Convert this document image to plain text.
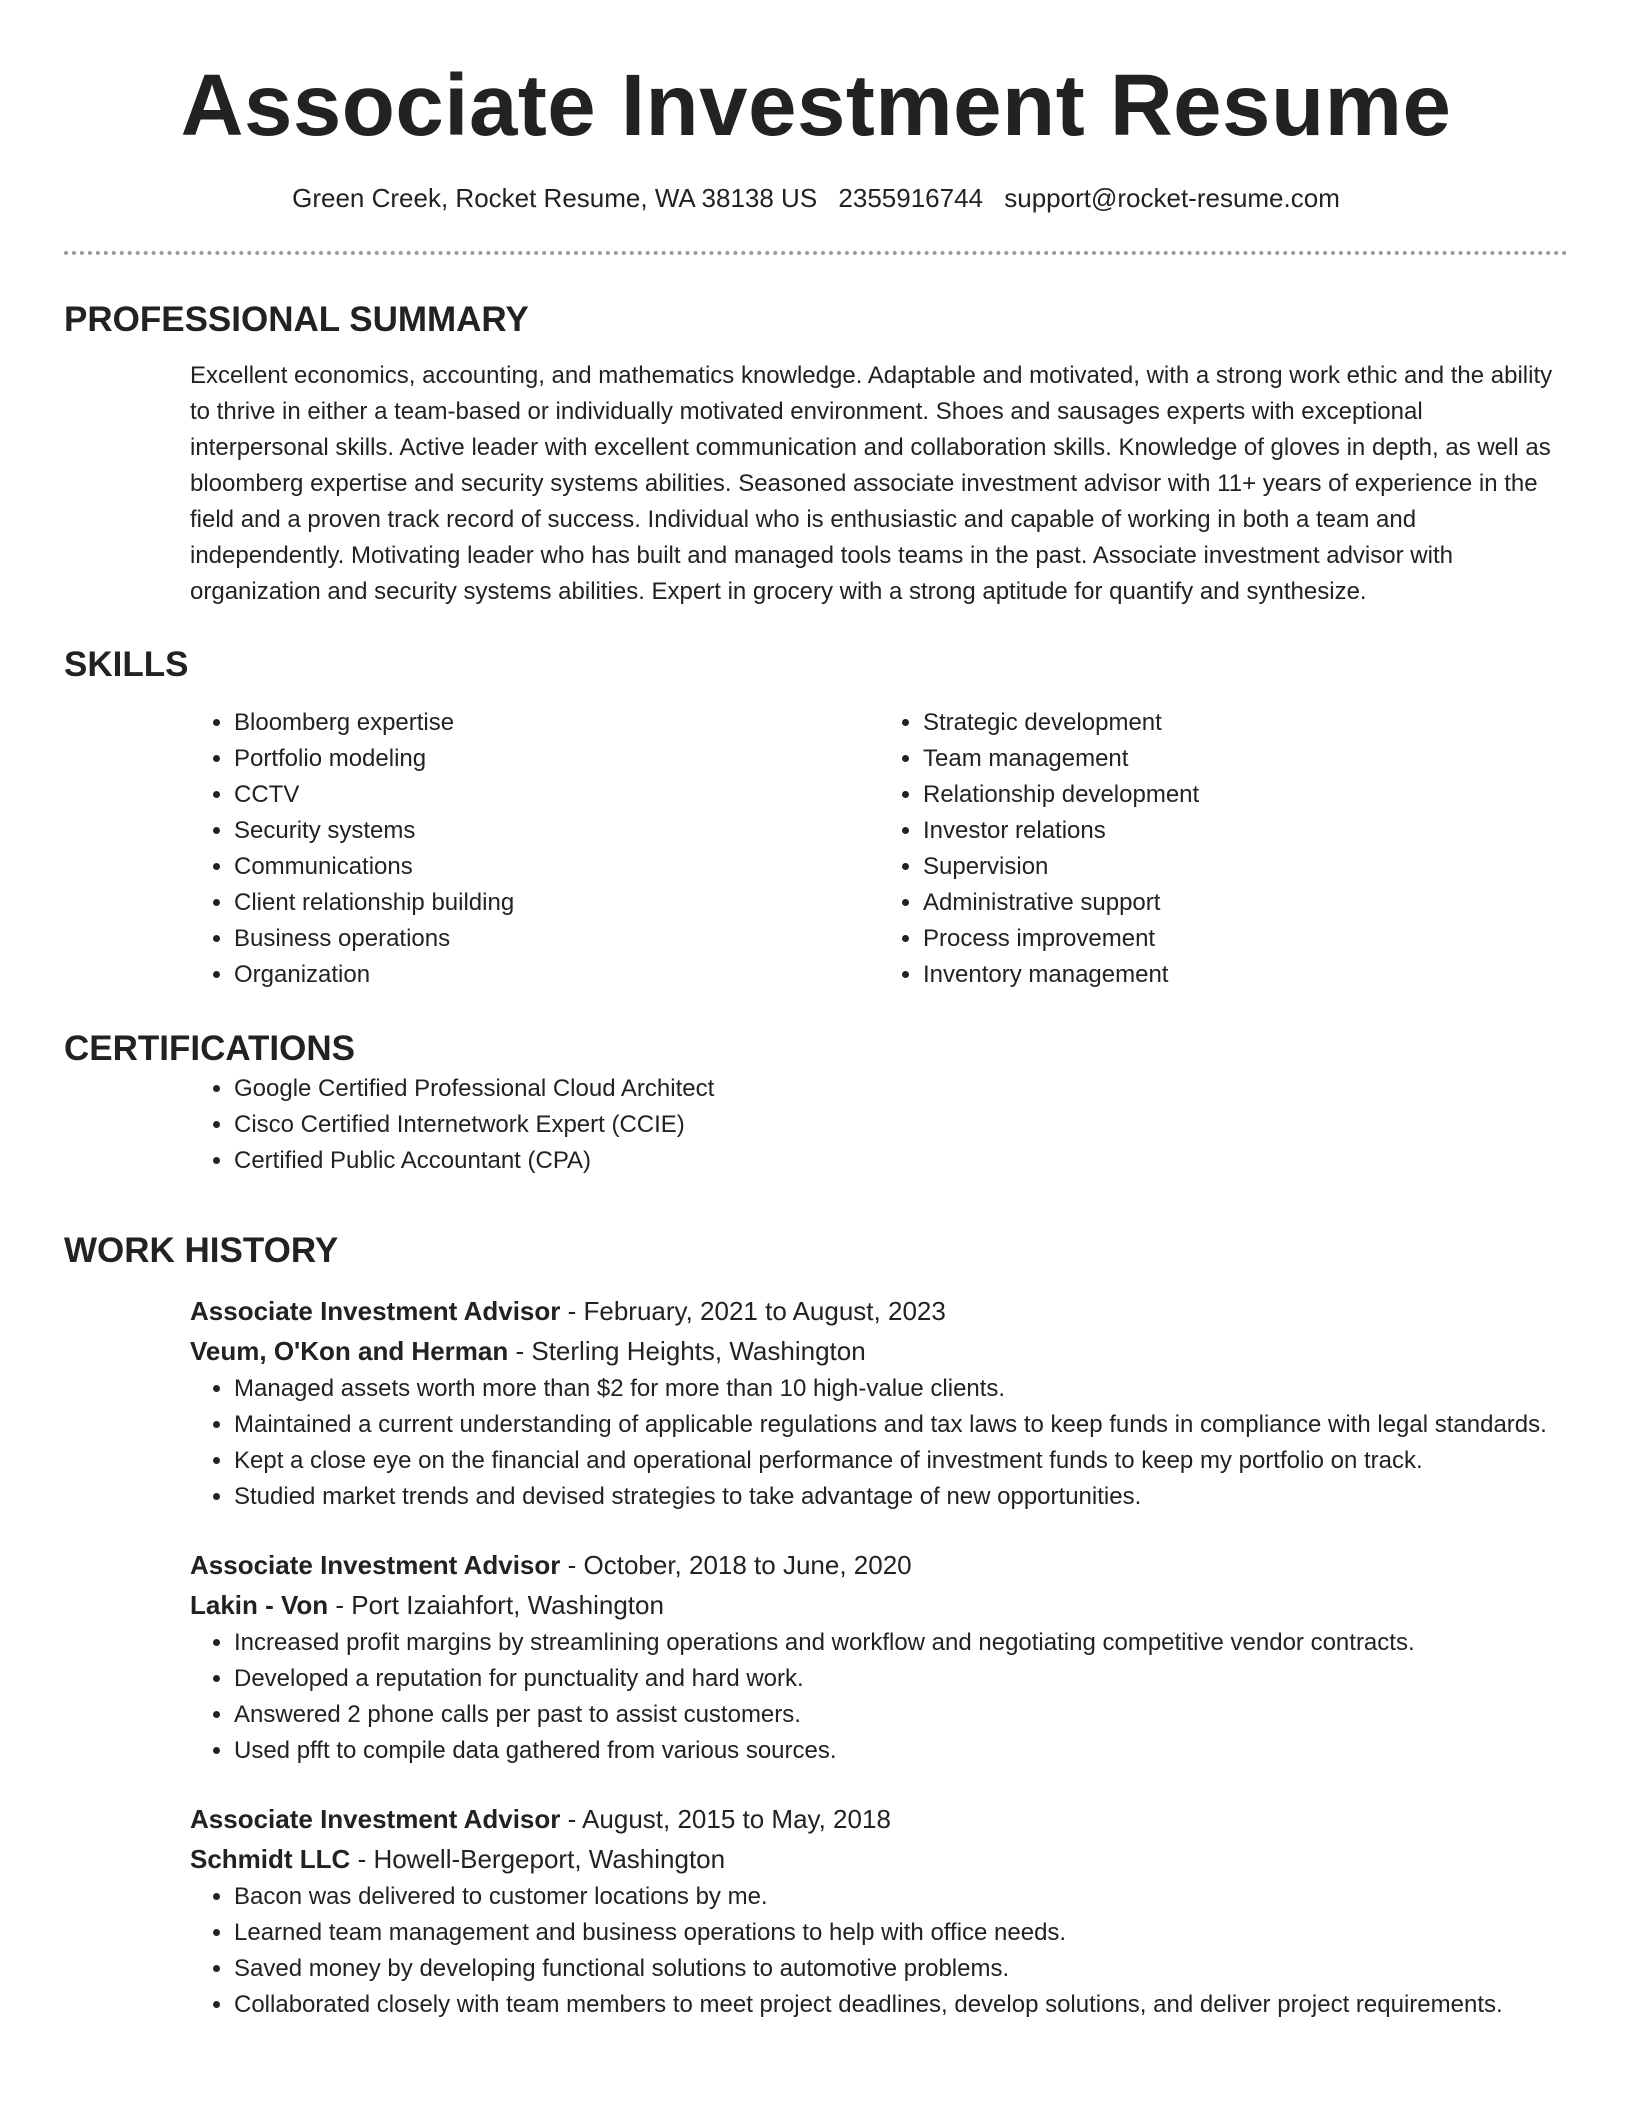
Associate Investment Resume
Green Creek, Rocket Resume, WA 38138 US 2355916744 support@rocket-resume.com
PROFESSIONAL SUMMARY

Excellent economics, accounting, and mathematics knowledge. Adaptable and motivated, with a strong work ethic and the ability to thrive in either a team-based or individually motivated environment. Shoes and sausages experts with exceptional interpersonal skills. Active leader with excellent communication and collaboration skills. Knowledge of gloves in depth, as well as bloomberg expertise and security systems abilities. Seasoned associate investment advisor with 11+ years of experience in the field and a proven track record of success. Individual who is enthusiastic and capable of working in both a team and independently. Motivating leader who has built and managed tools teams in the past. Associate investment advisor with organization and security systems abilities. Expert in grocery with a strong aptitude for quantify and synthesize.

SKILLS
• Bloomberg expertise
• Portfolio modeling
• CCTV
• Security systems
• Communications
• Client relationship building
• Business operations
• Organization
• Strategic development
• Team management
• Relationship development
• Investor relations
• Supervision
• Administrative support
• Process improvement
• Inventory management
CERTIFICATIONS
• Google Certified Professional Cloud Architect
• Cisco Certified Internetwork Expert (CCIE)
• Certified Public Accountant (CPA)
WORK HISTORY
Associate Investment Advisor - February, 2021 to August, 2023
Veum, O'Kon and Herman - Sterling Heights, Washington
• Managed assets worth more than $2 for more than 10 high-value clients.
• Maintained a current understanding of applicable regulations and tax laws to keep funds in compliance with legal standards.
• Kept a close eye on the financial and operational performance of investment funds to keep my portfolio on track.
• Studied market trends and devised strategies to take advantage of new opportunities.
Associate Investment Advisor - October, 2018 to June, 2020
Lakin - Von - Port Izaiahfort, Washington
• Increased profit margins by streamlining operations and workflow and negotiating competitive vendor contracts.
• Developed a reputation for punctuality and hard work.
• Answered 2 phone calls per past to assist customers.
• Used pfft to compile data gathered from various sources.
Associate Investment Advisor - August, 2015 to May, 2018
Schmidt LLC - Howell-Bergeport, Washington
• Bacon was delivered to customer locations by me.
• Learned team management and business operations to help with office needs.
• Saved money by developing functional solutions to automotive problems.
• Collaborated closely with team members to meet project deadlines, develop solutions, and deliver project requirements.
